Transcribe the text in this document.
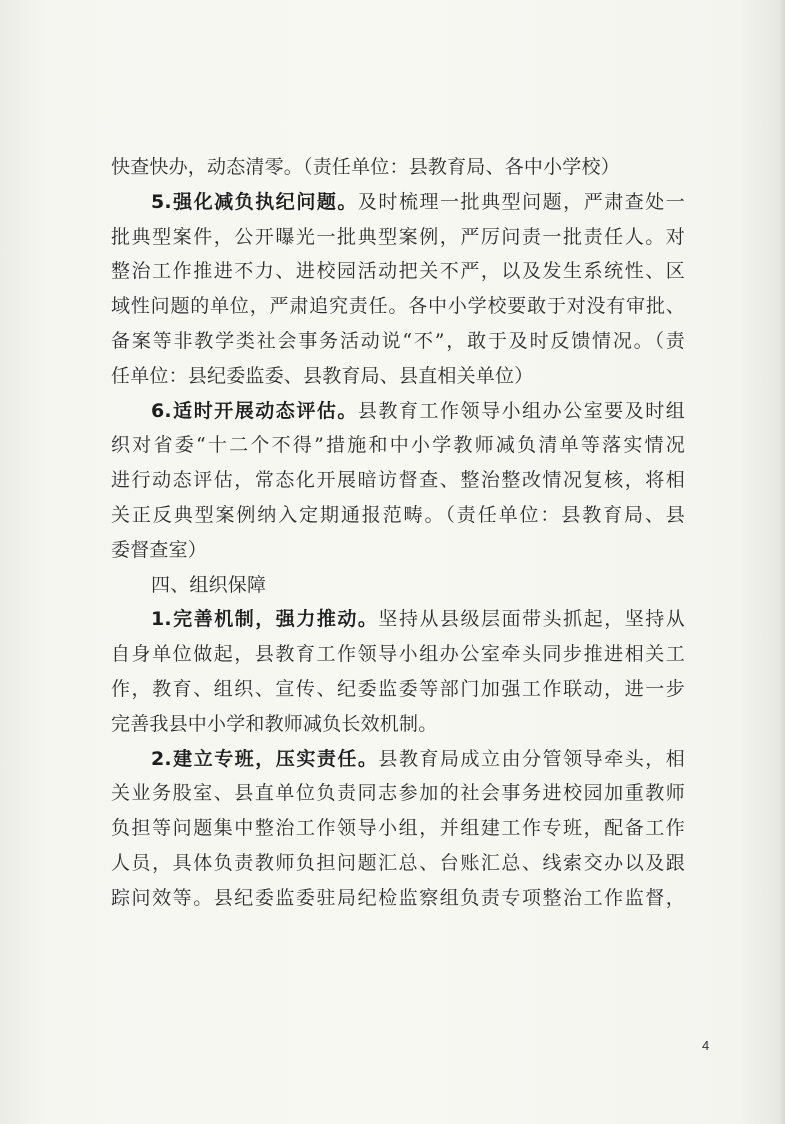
快查快办，动态清零。（责任单位：县教育局、各中小学校）
5.强化减负执纪问题。及时梳理一批典型问题，严肃查处一
批典型案件，公开曝光一批典型案例，严厉问责一批责任人。对
整治工作推进不力、进校园活动把关不严，以及发生系统性、区
域性问题的单位，严肃追究责任。各中小学校要敢于对没有审批、
备案等非教学类社会事务活动说“不”，敢于及时反馈情况。（责
任单位：县纪委监委、县教育局、县直相关单位）
6.适时开展动态评估。县教育工作领导小组办公室要及时组
织对省委“十二个不得”措施和中小学教师减负清单等落实情况
进行动态评估，常态化开展暗访督查、整治整改情况复核，将相
关正反典型案例纳入定期通报范畴。（责任单位：县教育局、县
委督查室）
四、组织保障
1.完善机制，强力推动。坚持从县级层面带头抓起，坚持从
自身单位做起，县教育工作领导小组办公室牵头同步推进相关工
作，教育、组织、宣传、纪委监委等部门加强工作联动，进一步
完善我县中小学和教师减负长效机制。
2.建立专班，压实责任。县教育局成立由分管领导牵头，相
关业务股室、县直单位负责同志参加的社会事务进校园加重教师
负担等问题集中整治工作领导小组，并组建工作专班，配备工作
人员，具体负责教师负担问题汇总、台账汇总、线索交办以及跟
踪问效等。县纪委监委驻局纪检监察组负责专项整治工作监督，
4
